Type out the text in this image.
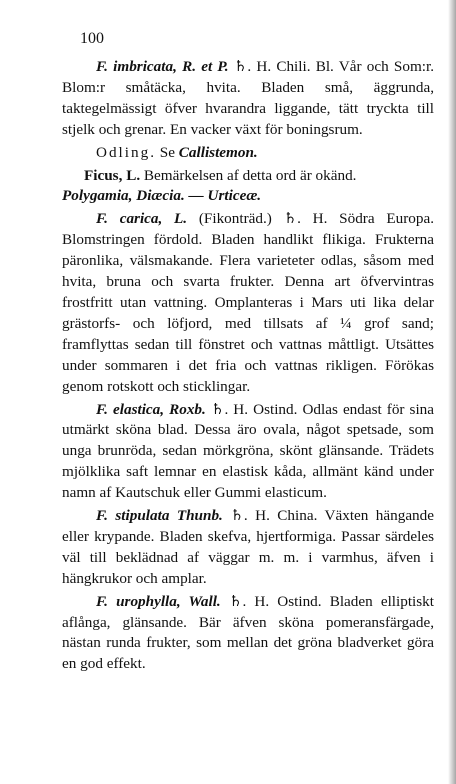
100

F. imbricata, R. et P. ♄. H. Chili. Bl. Vår och Som:r. Blom:r småtäcka, hvita. Bladen små, äggrunda, taktegelmässigt öfver hvarandra liggande, tätt tryckta till stjelk och grenar. En vacker växt för boningsrum.

Odling. Se Callistemon.

Ficus, L. Bemärkelsen af detta ord är okänd.
Polygamia, Diæcia. — Urticeæ.

F. carica, L. (Fikonträd.) ♄. H. Södra Europa. Blomstringen fördold. Bladen handlikt flikiga. Frukterna päronlika, välsmakande. Flera varieteter odlas, såsom med hvita, bruna och svarta frukter. Denna art öfvervintras frostfritt utan vattning. Omplanteras i Mars uti lika delar grästorfs- och löfjord, med tillsats af ¼ grof sand; framflyttas sedan till fönstret och vattnas måttligt. Utsättes under sommaren i det fria och vattnas rikligen. Förökas genom rotskott och sticklingar.

F. elastica, Roxb. ♄. H. Ostind. Odlas endast för sina utmärkt sköna blad. Dessa äro ovala, något spetsade, som unga brunröda, sedan mörkgröna, skönt glänsande. Trädets mjölklika saft lemnar en elastisk kåda, allmänt känd under namn af Kautschuk eller Gummi elasticum.

F. stipulata Thunb. ♄. H. China. Växten hängande eller krypande. Bladen skefva, hjertformiga. Passar särdeles väl till beklädnad af väggar m. m. i varmhus, äfven i hängkrukor och amplar.

F. urophylla, Wall. ♄. H. Ostind. Bladen elliptiskt aflånga, glänsande. Bär äfven sköna pomeransfärgade, nästan runda frukter, som mellan det gröna bladverket göra en god effekt.
